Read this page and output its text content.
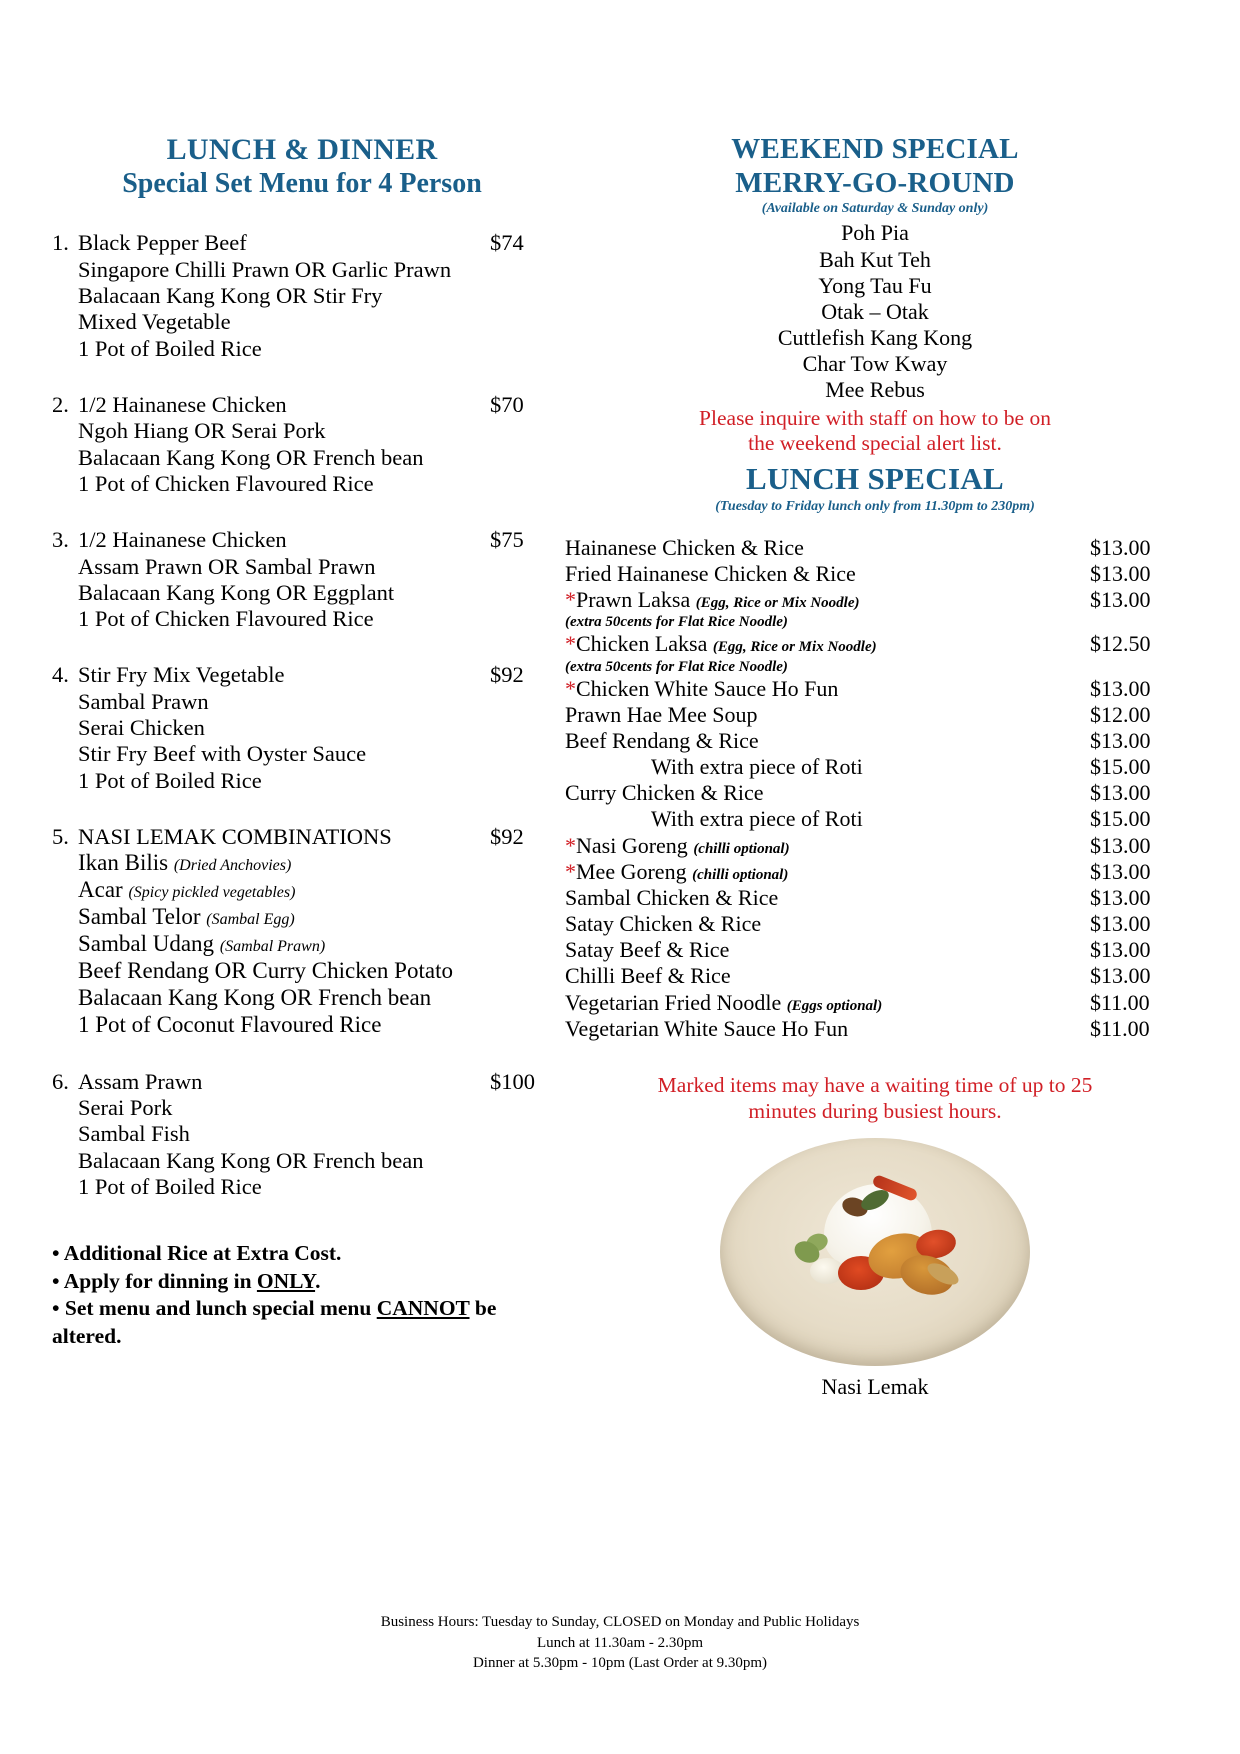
LUNCH & DINNER
Special Set Menu for 4 Person
1. Black Pepper Beef	$74
Singapore Chilli Prawn OR Garlic Prawn
Balacaan Kang Kong OR Stir Fry
Mixed Vegetable
1 Pot of Boiled Rice
2. 1/2 Hainanese Chicken	$70
Ngoh Hiang OR Serai Pork
Balacaan Kang Kong OR French bean
1 Pot of Chicken Flavoured Rice
3. 1/2 Hainanese Chicken	$75
Assam Prawn OR Sambal Prawn
Balacaan Kang Kong OR Eggplant
1 Pot of Chicken Flavoured Rice
4. Stir Fry Mix Vegetable	$92
Sambal Prawn
Serai Chicken
Stir Fry Beef with Oyster Sauce
1 Pot of Boiled Rice
5. NASI LEMAK COMBINATIONS	$92
Ikan Bilis (Dried Anchovies)
Acar (Spicy pickled vegetables)
Sambal Telor (Sambal Egg)
Sambal Udang (Sambal Prawn)
Beef Rendang OR Curry Chicken Potato
Balacaan Kang Kong OR French bean
1 Pot of Coconut Flavoured Rice
6. Assam Prawn	$100
Serai Pork
Sambal Fish
Balacaan Kang Kong OR French bean
1 Pot of Boiled Rice
• Additional Rice at Extra Cost.
• Apply for dinning in ONLY.
• Set menu and lunch special menu CANNOT be altered.
WEEKEND SPECIAL
MERRY-GO-ROUND
(Available on Saturday & Sunday only)
Poh Pia
Bah Kut Teh
Yong Tau Fu
Otak – Otak
Cuttlefish Kang Kong
Char Tow Kway
Mee Rebus
Please inquire with staff on how to be on
the weekend special alert list.
LUNCH SPECIAL
(Tuesday to Friday lunch only from 11.30pm to 230pm)
Hainanese Chicken & Rice	$13.00
Fried Hainanese Chicken & Rice	$13.00
*Prawn Laksa (Egg, Rice or Mix Noodle)	$13.00
(extra 50cents for Flat Rice Noodle)
*Chicken Laksa (Egg, Rice or Mix Noodle)	$12.50
(extra 50cents for Flat Rice Noodle)
*Chicken White Sauce Ho Fun	$13.00
Prawn Hae Mee Soup	$12.00
Beef Rendang & Rice	$13.00
With extra piece of Roti	$15.00
Curry Chicken & Rice	$13.00
With extra piece of Roti	$15.00
*Nasi Goreng (chilli optional)	$13.00
*Mee Goreng (chilli optional)	$13.00
Sambal Chicken & Rice	$13.00
Satay Chicken & Rice	$13.00
Satay Beef & Rice	$13.00
Chilli Beef & Rice	$13.00
Vegetarian Fried Noodle (Eggs optional)	$11.00
Vegetarian White Sauce Ho Fun	$11.00
Marked items may have a waiting time of up to 25
minutes during busiest hours.
Nasi Lemak
Business Hours: Tuesday to Sunday, CLOSED on Monday and Public Holidays
Lunch at 11.30am - 2.30pm
Dinner at 5.30pm - 10pm (Last Order at 9.30pm)
